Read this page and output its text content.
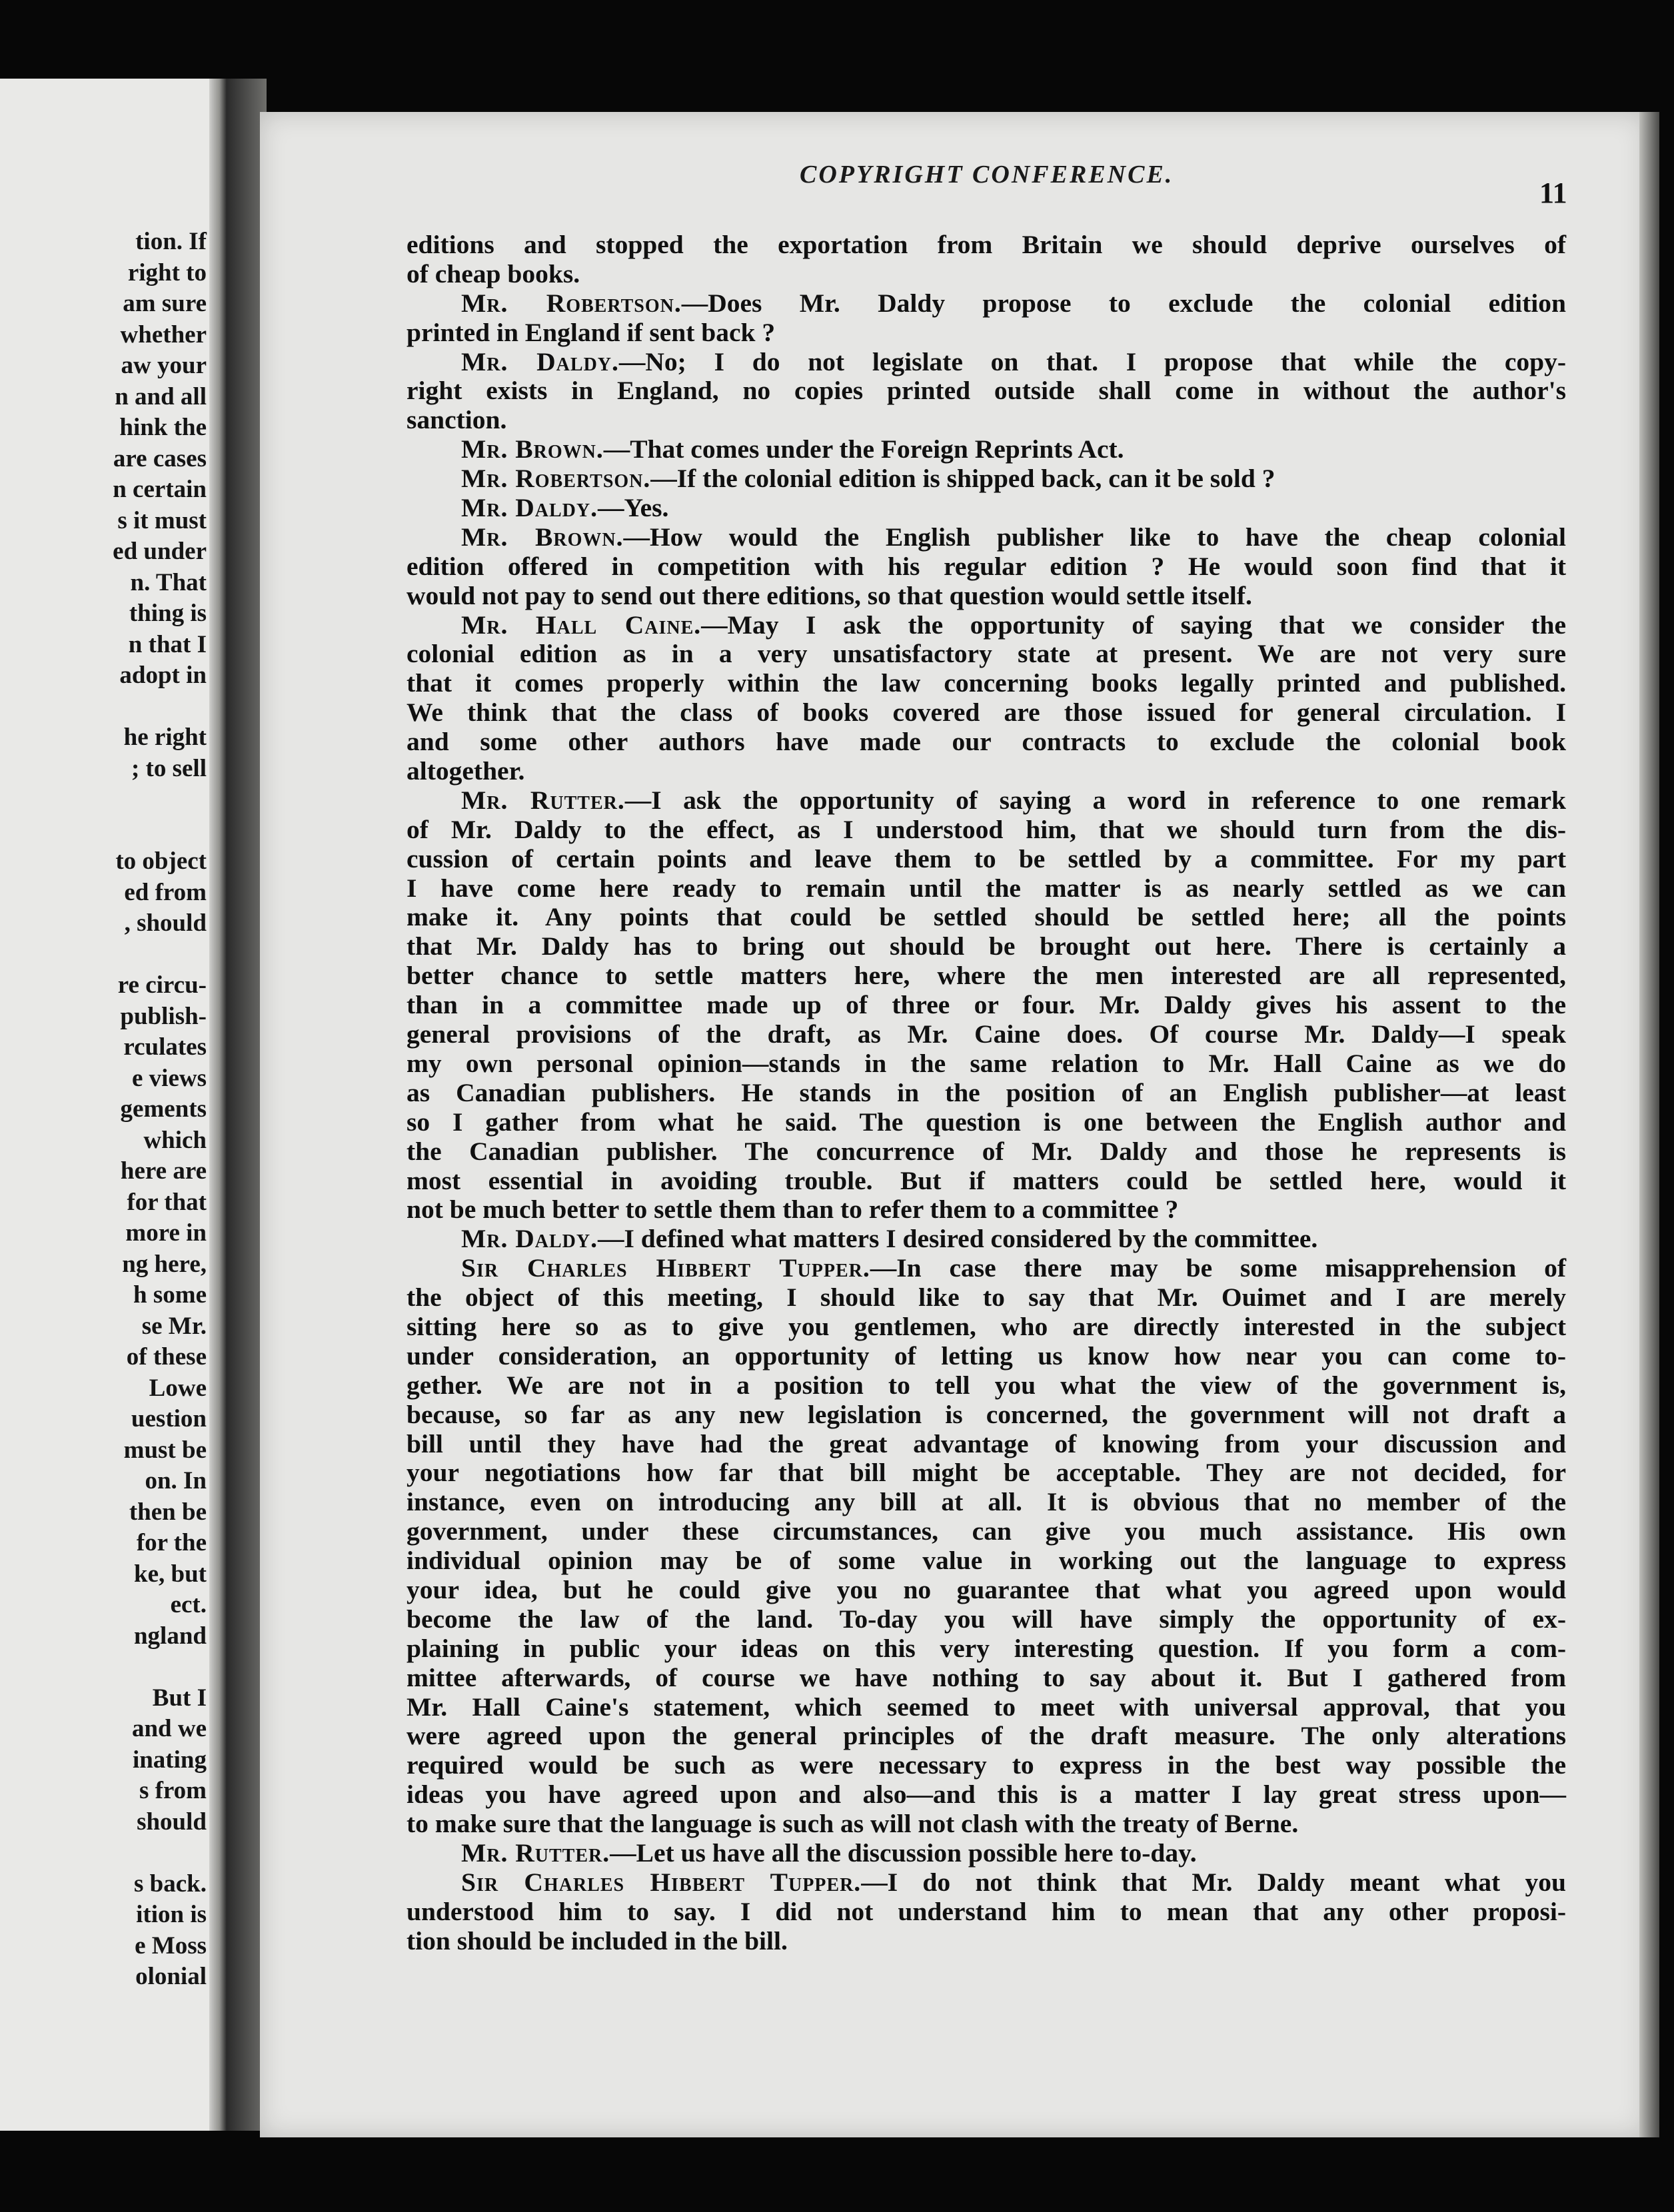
tion. If
right to
am sure
whether
aw your
n and all
hink the
are cases
n certain
s it must
ed under
n. That
thing is
n that I
adopt in
he right
; to sell
to object
ed from
, should
re circu-
publish-
rculates
e views
gements
which
here are
for that
more in
ng here,
h some
se Mr.
of these
Lowe
uestion
must be
on. In
then be
for the
ke, but
ect.
ngland
But I
and we
inating
s from
should
s back.
ition is
e Moss
olonial
COPYRIGHT CONFERENCE.
11
editions and stopped the exportation from Britain we should deprive ourselves of
of cheap books.
Mr. Robertson.—Does Mr. Daldy propose to exclude the colonial edition
printed in England if sent back ?
Mr. Daldy.—No; I do not legislate on that. I propose that while the copy-
right exists in England, no copies printed outside shall come in without the author's
sanction.
Mr. Brown.—That comes under the Foreign Reprints Act.
Mr. Robertson.—If the colonial edition is shipped back, can it be sold ?
Mr. Daldy.—Yes.
Mr. Brown.—How would the English publisher like to have the cheap colonial
edition offered in competition with his regular edition ? He would soon find that it
would not pay to send out there editions, so that question would settle itself.
Mr. Hall Caine.—May I ask the opportunity of saying that we consider the
colonial edition as in a very unsatisfactory state at present. We are not very sure
that it comes properly within the law concerning books legally printed and published.
We think that the class of books covered are those issued for general circulation. I
and some other authors have made our contracts to exclude the colonial book
altogether.
Mr. Rutter.—I ask the opportunity of saying a word in reference to one remark
of Mr. Daldy to the effect, as I understood him, that we should turn from the dis-
cussion of certain points and leave them to be settled by a committee. For my part
I have come here ready to remain until the matter is as nearly settled as we can
make it. Any points that could be settled should be settled here; all the points
that Mr. Daldy has to bring out should be brought out here. There is certainly a
better chance to settle matters here, where the men interested are all represented,
than in a committee made up of three or four. Mr. Daldy gives his assent to the
general provisions of the draft, as Mr. Caine does. Of course Mr. Daldy—I speak
my own personal opinion—stands in the same relation to Mr. Hall Caine as we do
as Canadian publishers. He stands in the position of an English publisher—at least
so I gather from what he said. The question is one between the English author and
the Canadian publisher. The concurrence of Mr. Daldy and those he represents is
most essential in avoiding trouble. But if matters could be settled here, would it
not be much better to settle them than to refer them to a committee ?
Mr. Daldy.—I defined what matters I desired considered by the committee.
Sir Charles Hibbert Tupper.—In case there may be some misapprehension of
the object of this meeting, I should like to say that Mr. Ouimet and I are merely
sitting here so as to give you gentlemen, who are directly interested in the subject
under consideration, an opportunity of letting us know how near you can come to-
gether. We are not in a position to tell you what the view of the government is,
because, so far as any new legislation is concerned, the government will not draft a
bill until they have had the great advantage of knowing from your discussion and
your negotiations how far that bill might be acceptable. They are not decided, for
instance, even on introducing any bill at all. It is obvious that no member of the
government, under these circumstances, can give you much assistance. His own
individual opinion may be of some value in working out the language to express
your idea, but he could give you no guarantee that what you agreed upon would
become the law of the land. To-day you will have simply the opportunity of ex-
plaining in public your ideas on this very interesting question. If you form a com-
mittee afterwards, of course we have nothing to say about it. But I gathered from
Mr. Hall Caine's statement, which seemed to meet with universal approval, that you
were agreed upon the general principles of the draft measure. The only alterations
required would be such as were necessary to express in the best way possible the
ideas you have agreed upon and also—and this is a matter I lay great stress upon—
to make sure that the language is such as will not clash with the treaty of Berne.
Mr. Rutter.—Let us have all the discussion possible here to-day.
Sir Charles Hibbert Tupper.—I do not think that Mr. Daldy meant what you
understood him to say. I did not understand him to mean that any other proposi-
tion should be included in the bill.
